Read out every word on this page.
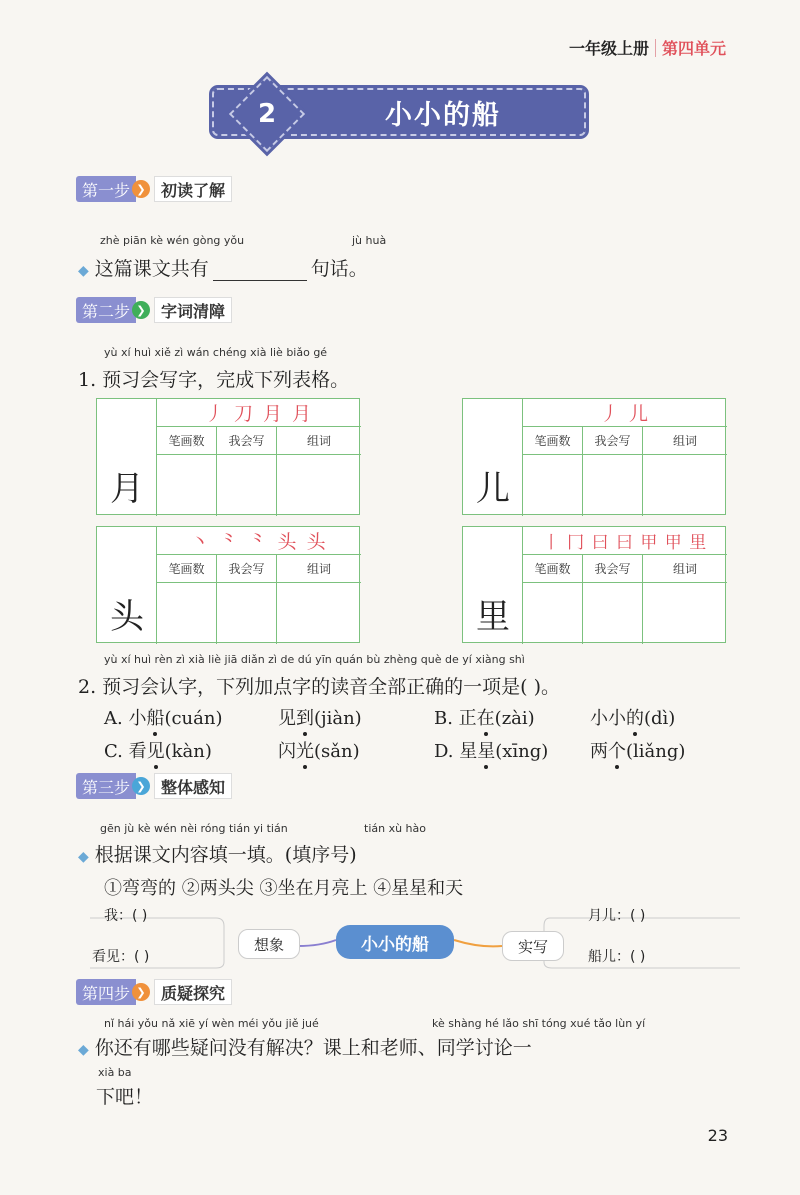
一年级上册 第四单元
2	小小的船
第一步 ❯ 初读了解
zhè piān kè wén gòng yǒu	jù huà
◆ 这篇课文共有	句话。
第二步 ❯ 字词清障
yù xí huì xiě zì wán chéng xià liè biǎo gé
1. 预习会写字，完成下列表格。
月
丿 刀 月 月
笔画数	我会写	组词
儿
丿 儿
笔画数	我会写	组词
头
丶 ⺀ ⺀ 头 头
笔画数	我会写	组词
里
丨 冂 曰 曰 甲 甲 里
笔画数	我会写	组词
yù xí huì rèn zì xià liè jiā diǎn zì de dú yīn quán bù zhèng què de yí xiàng shì
2. 预习会认字，下列加点字的读音全部正确的一项是( )。
A. 小船(cuán)	见到(jiàn)	B. 正在(zài)	小小的(dì)
C. 看见(kàn)	闪光(sǎn)	D. 星星(xīng) 两个(liǎng)
第三步 ❯ 整体感知
gēn jù kè wén nèi róng tián yi tián	tián xù hào
◆ 根据课文内容填一填。(填序号)
①弯弯的 ②两头尖 ③坐在月亮上 ④星星和天
我：( )
看见：( )
想象	小小的船	实写
月儿：( )
船儿：( )
第四步 ❯ 质疑探究
nǐ hái yǒu nǎ xiē yí wèn méi yǒu jiě jué	kè shàng hé lǎo shī tóng xué tǎo lùn yí
◆ 你还有哪些疑问没有解决？课上和老师、同学讨论一
xià ba
下吧！
23
